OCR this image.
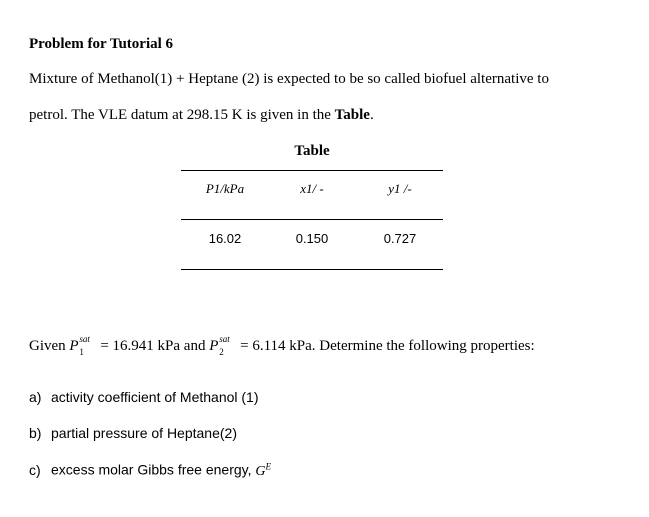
Problem for Tutorial 6
Mixture of Methanol(1) + Heptane (2) is expected to be so called biofuel alternative to
petrol. The VLE datum at 298.15 K is given in the Table.
Table
P1/kPa	x1/ -	y1 /-
16.02	0.150	0.727
Given P sat
1 = 16.941 kPa and P sat
2 = 6.114 kPa. Determine the following properties:
a) activity coefficient of Methanol (1)
b) partial pressure of Heptane(2)
c) excess molar Gibbs free energy, $G^E$
